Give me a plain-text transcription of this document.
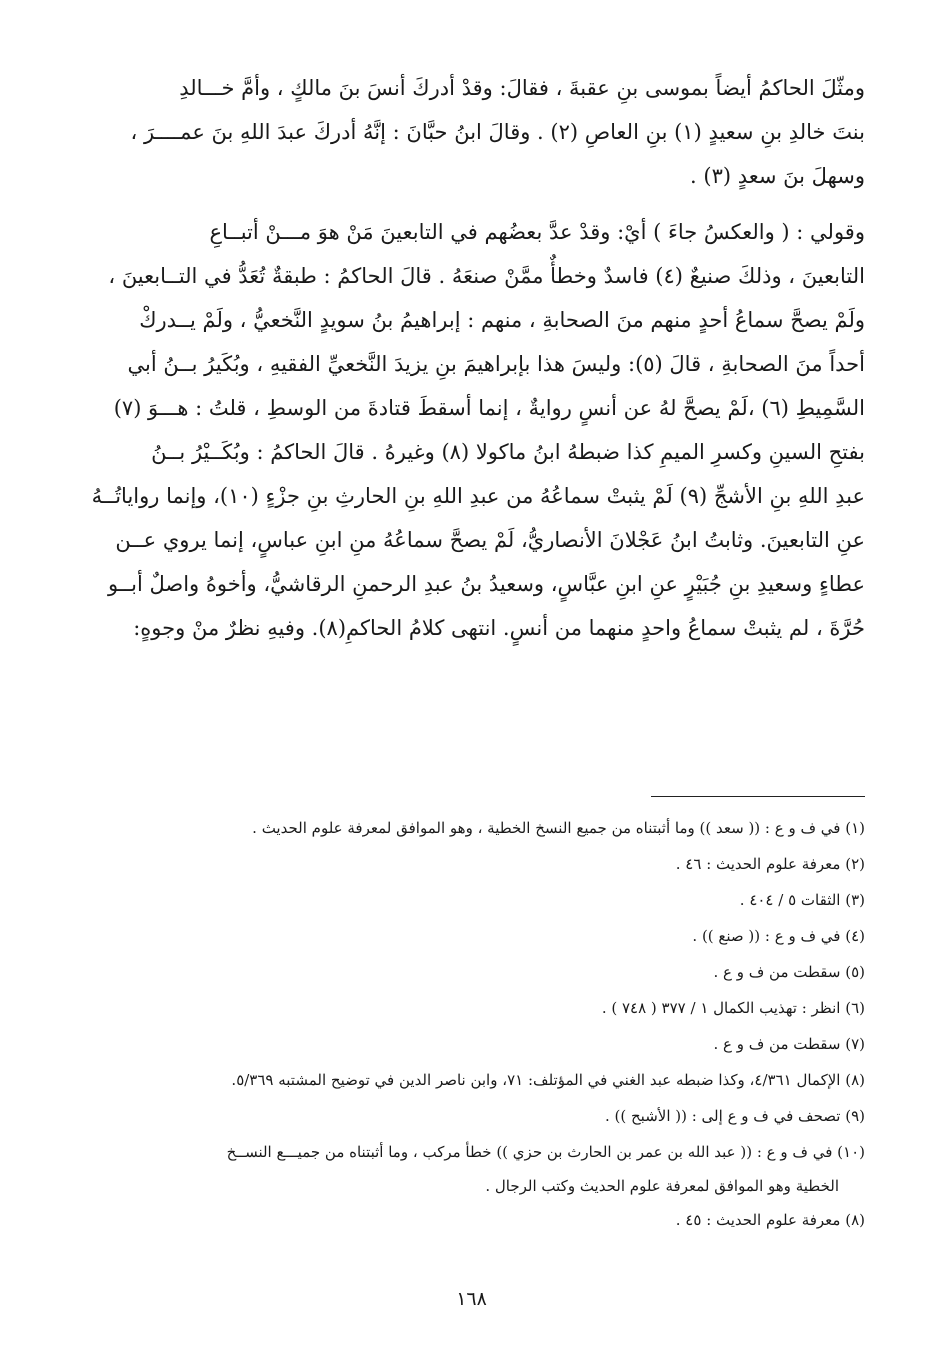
ومثّلَ الحاكمُ أيضاً بموسى بنِ عقبةَ ، فقالَ: وقدْ أدركَ أنسَ بنَ مالكٍ ، وأمَّ خـــالدِ
بنتَ خالدِ بنِ سعيدٍ (١) بنِ العاصِ (٢) . وقالَ ابنُ حبَّانَ : إنَّهُ أدركَ عبدَ اللهِ بنَ عمــــرَ ،
وسهلَ بنَ سعدٍ (٣) .
وقولي : ( والعكسُ جاءَ ) أيْ: وقدْ عدَّ بعضُهم في التابعينَ مَنْ هوَ مـــنْ أتبــاعِ
التابعينَ ، وذلكَ صنيعٌ (٤) فاسدٌ وخطأٌ ممَّنْ صنعَهُ . قالَ الحاكمُ : طبقةٌ تُعَدُّ في التــابعينَ ،
ولَمْ يصحَّ سماعُ أحدٍ منهم منَ الصحابةِ ، منهم : إبراهيمُ بنُ سويدٍ النَّخعيُّ ، ولَمْ يــدركْ
أحداً منَ الصحابةِ ، قالَ (٥): وليسَ هذا بإبراهيمَ بنِ يزيدَ النَّخعيِّ الفقيهِ ، وبُكَيرُ بــنُ أبي
السَّمِيطِ (٦) ،لَمْ يصحَّ لهُ عن أنسٍ روايةٌ ، إنما أسقطَ قتادةَ من الوسطِ ، قلتُ : هـــوَ (٧)
بفتحِ السينِ وكسرِ الميمِ كذا ضبطهُ ابنُ ماكولا (٨) وغيرهُ . قالَ الحاكمُ : وبُكَــيْرُ بــنُ
عبدِ اللهِ بنِ الأشجِّ (٩) لَمْ يثبتْ سماعُهُ من عبدِ اللهِ بنِ الحارثِ بنِ جزْءٍ (١٠)، وإنما رواياتُــهُ
عنِ التابعينَ. وثابتُ ابنُ عَجْلانَ الأنصاريُّ، لَمْ يصحَّ سماعُهُ منِ ابنِ عباسٍ، إنما يروي عــن
عطاءٍ وسعيدِ بنِ جُبَيْرٍ عنِ ابنِ عبَّاسٍ، وسعيدُ بنُ عبدِ الرحمنِ الرقاشيُّ، وأخوهُ واصلٌ أبــو
حُرَّةَ ، لم يثبتْ سماعُ واحدٍ منهما من أنسٍ. انتهى كلامُ الحاكمِ(٨). وفيهِ نظرٌ منْ وجوهٍ:
(١) في ف و ع : (( سعد )) وما أثبتناه من جميع النسخ الخطية ، وهو الموافق لمعرفة علوم الحديث .
(٢) معرفة علوم الحديث : ٤٦ .
(٣) الثقات ٥ / ٤٠٤ .
(٤) في ف و ع : (( صنع )) .
(٥) سقطت من ف و ع .
(٦) انظر : تهذيب الكمال ١ / ٣٧٧ ( ٧٤٨ ) .
(٧) سقطت من ف و ع .
(٨) الإكمال ٤/٣٦١، وكذا ضبطه عبد الغني في المؤتلف: ٧١، وابن ناصر الدين في توضيح المشتبه ٥/٣٦٩.
(٩) تصحف في ف و ع إلى : (( الأشبح )) .
(١٠) في ف و ع : (( عبد الله بن عمر بن الحارث بن حزي )) خطأ مركب ، وما أثبتناه من جميـــع النســخ
الخطية وهو الموافق لمعرفة علوم الحديث وكتب الرجال .
(٨) معرفة علوم الحديث : ٤٥ .
١٦٨
